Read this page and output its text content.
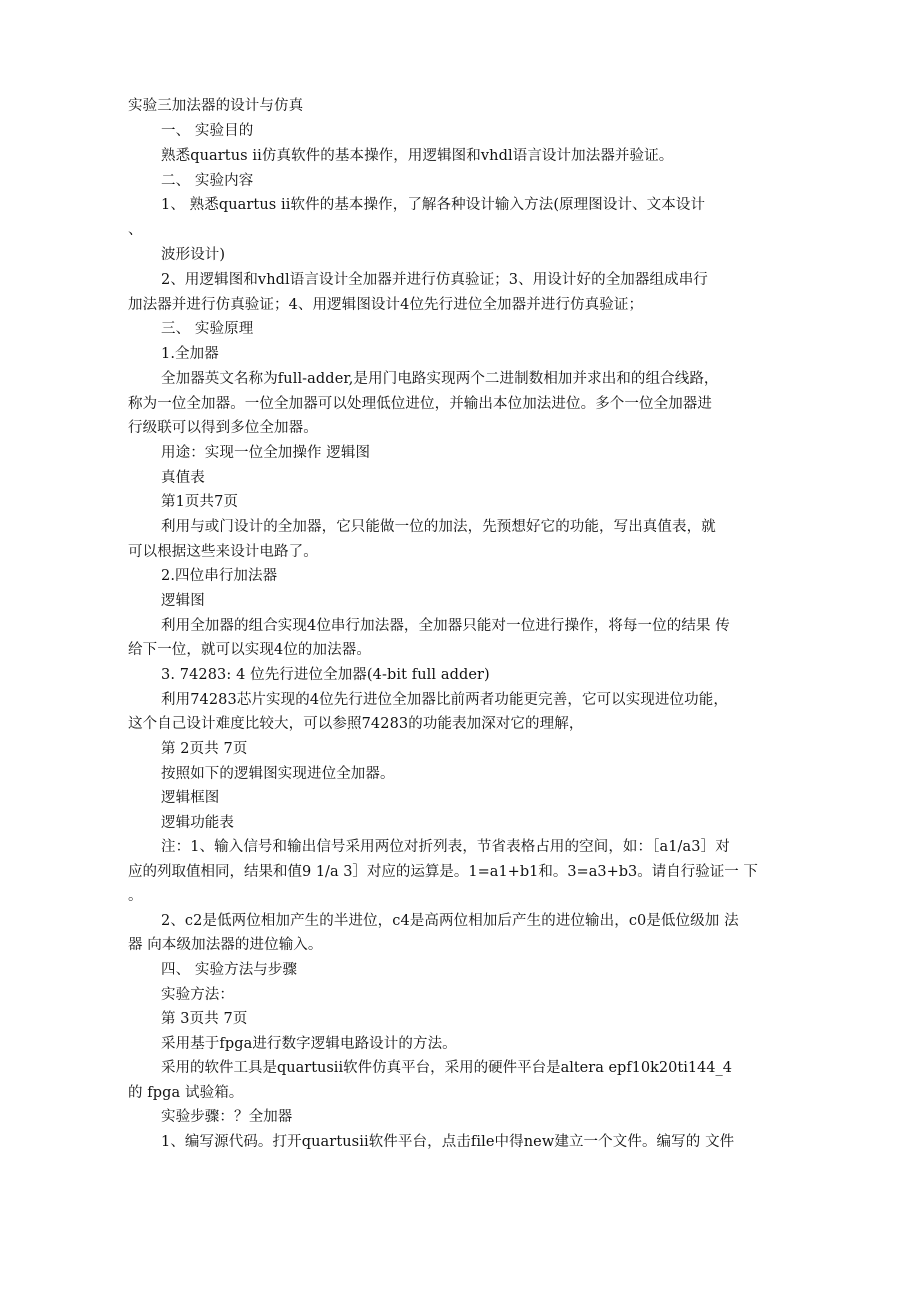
实验三加法器的设计与仿真
一、 实验目的
熟悉quartus ii仿真软件的基本操作，用逻辑图和vhdl语言设计加法器并验证。
二、 实验内容
1、 熟悉quartus ii软件的基本操作，了解各种设计输入方法(原理图设计、文本设计
、
波形设计)
2、用逻辑图和vhdl语言设计全加器并进行仿真验证；3、用设计好的全加器组成串行
加法器并进行仿真验证；4、用逻辑图设计4位先行进位全加器并进行仿真验证；
三、 实验原理
1.全加器
全加器英文名称为full-adder,是用门电路实现两个二进制数相加并求出和的组合线路，
称为一位全加器。一位全加器可以处理低位进位，并输出本位加法进位。多个一位全加器进
行级联可以得到多位全加器。
用途：实现一位全加操作 逻辑图
真值表
第1页共7页
利用与或门设计的全加器，它只能做一位的加法，先预想好它的功能，写出真值表，就
可以根据这些来设计电路了。
2.四位串行加法器
逻辑图
利用全加器的组合实现4位串行加法器，全加器只能对一位进行操作，将每一位的结果 传
给下一位，就可以实现4位的加法器。
3. 74283: 4 位先行进位全加器(4-bit full adder)
利用74283芯片实现的4位先行进位全加器比前两者功能更完善，它可以实现进位功能，
这个自己设计难度比较大，可以参照74283的功能表加深对它的理解，
第 2页共 7页
按照如下的逻辑图实现进位全加器。
逻辑框图
逻辑功能表
注：1、输入信号和输出信号采用两位对折列表，节省表格占用的空间，如：［a1/a3］对
应的列取值相同，结果和值9 1/a 3］对应的运算是。1=a1+b1和。3=a3+b3。请自行验证一 下
。
2、c2是低两位相加产生的半进位，c4是高两位相加后产生的进位输出，c0是低位级加 法
器 向本级加法器的进位输入。
四、 实验方法与步骤
实验方法：
第 3页共 7页
采用基于fpga进行数字逻辑电路设计的方法。
采用的软件工具是quartusii软件仿真平台，采用的硬件平台是altera epf10k20ti144_4
的 fpga 试验箱。
实验步骤：？全加器
1、编写源代码。打开quartusii软件平台，点击file中得new建立一个文件。编写的 文件
